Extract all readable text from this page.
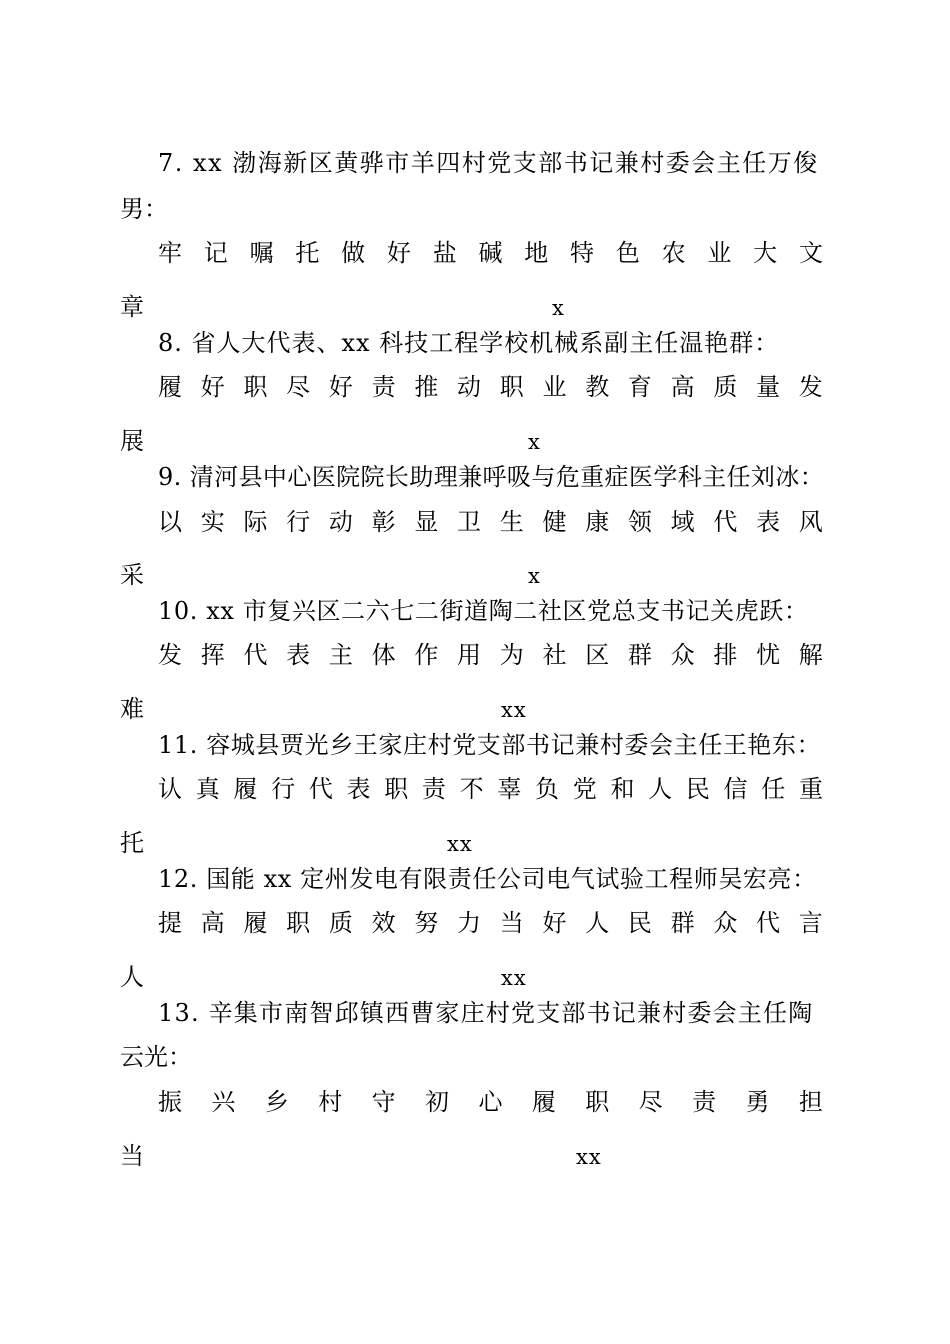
7. xx 渤海新区黄骅市羊四村党支部书记兼村委会主任万俊
男：
牢 记 嘱 托 做 好 盐 碱 地 特 色 农 业 大 文
章	x
8. 省人大代表、xx 科技工程学校机械系副主任温艳群：
履 好 职 尽 好 责 推 动 职 业 教 育 高 质 量 发
展	x
9. 清河县中心医院院长助理兼呼吸与危重症医学科主任刘冰：
以 实 际 行 动 彰 显 卫 生 健 康 领 域 代 表 风
采	x
10. xx 市复兴区二六七二街道陶二社区党总支书记关虎跃：
发 挥 代 表 主 体 作 用 为 社 区 群 众 排 忧 解
难	xx
11. 容城县贾光乡王家庄村党支部书记兼村委会主任王艳东：
认 真 履 行 代 表 职 责 不 辜 负 党 和 人 民 信 任 重
托	xx
12. 国能 xx 定州发电有限责任公司电气试验工程师吴宏亮：
提 高 履 职 质 效 努 力 当 好 人 民 群 众 代 言
人	xx
13. 辛集市南智邱镇西曹家庄村党支部书记兼村委会主任陶
云光：
振 兴 乡 村 守 初 心 履 职 尽 责 勇 担
当	xx
